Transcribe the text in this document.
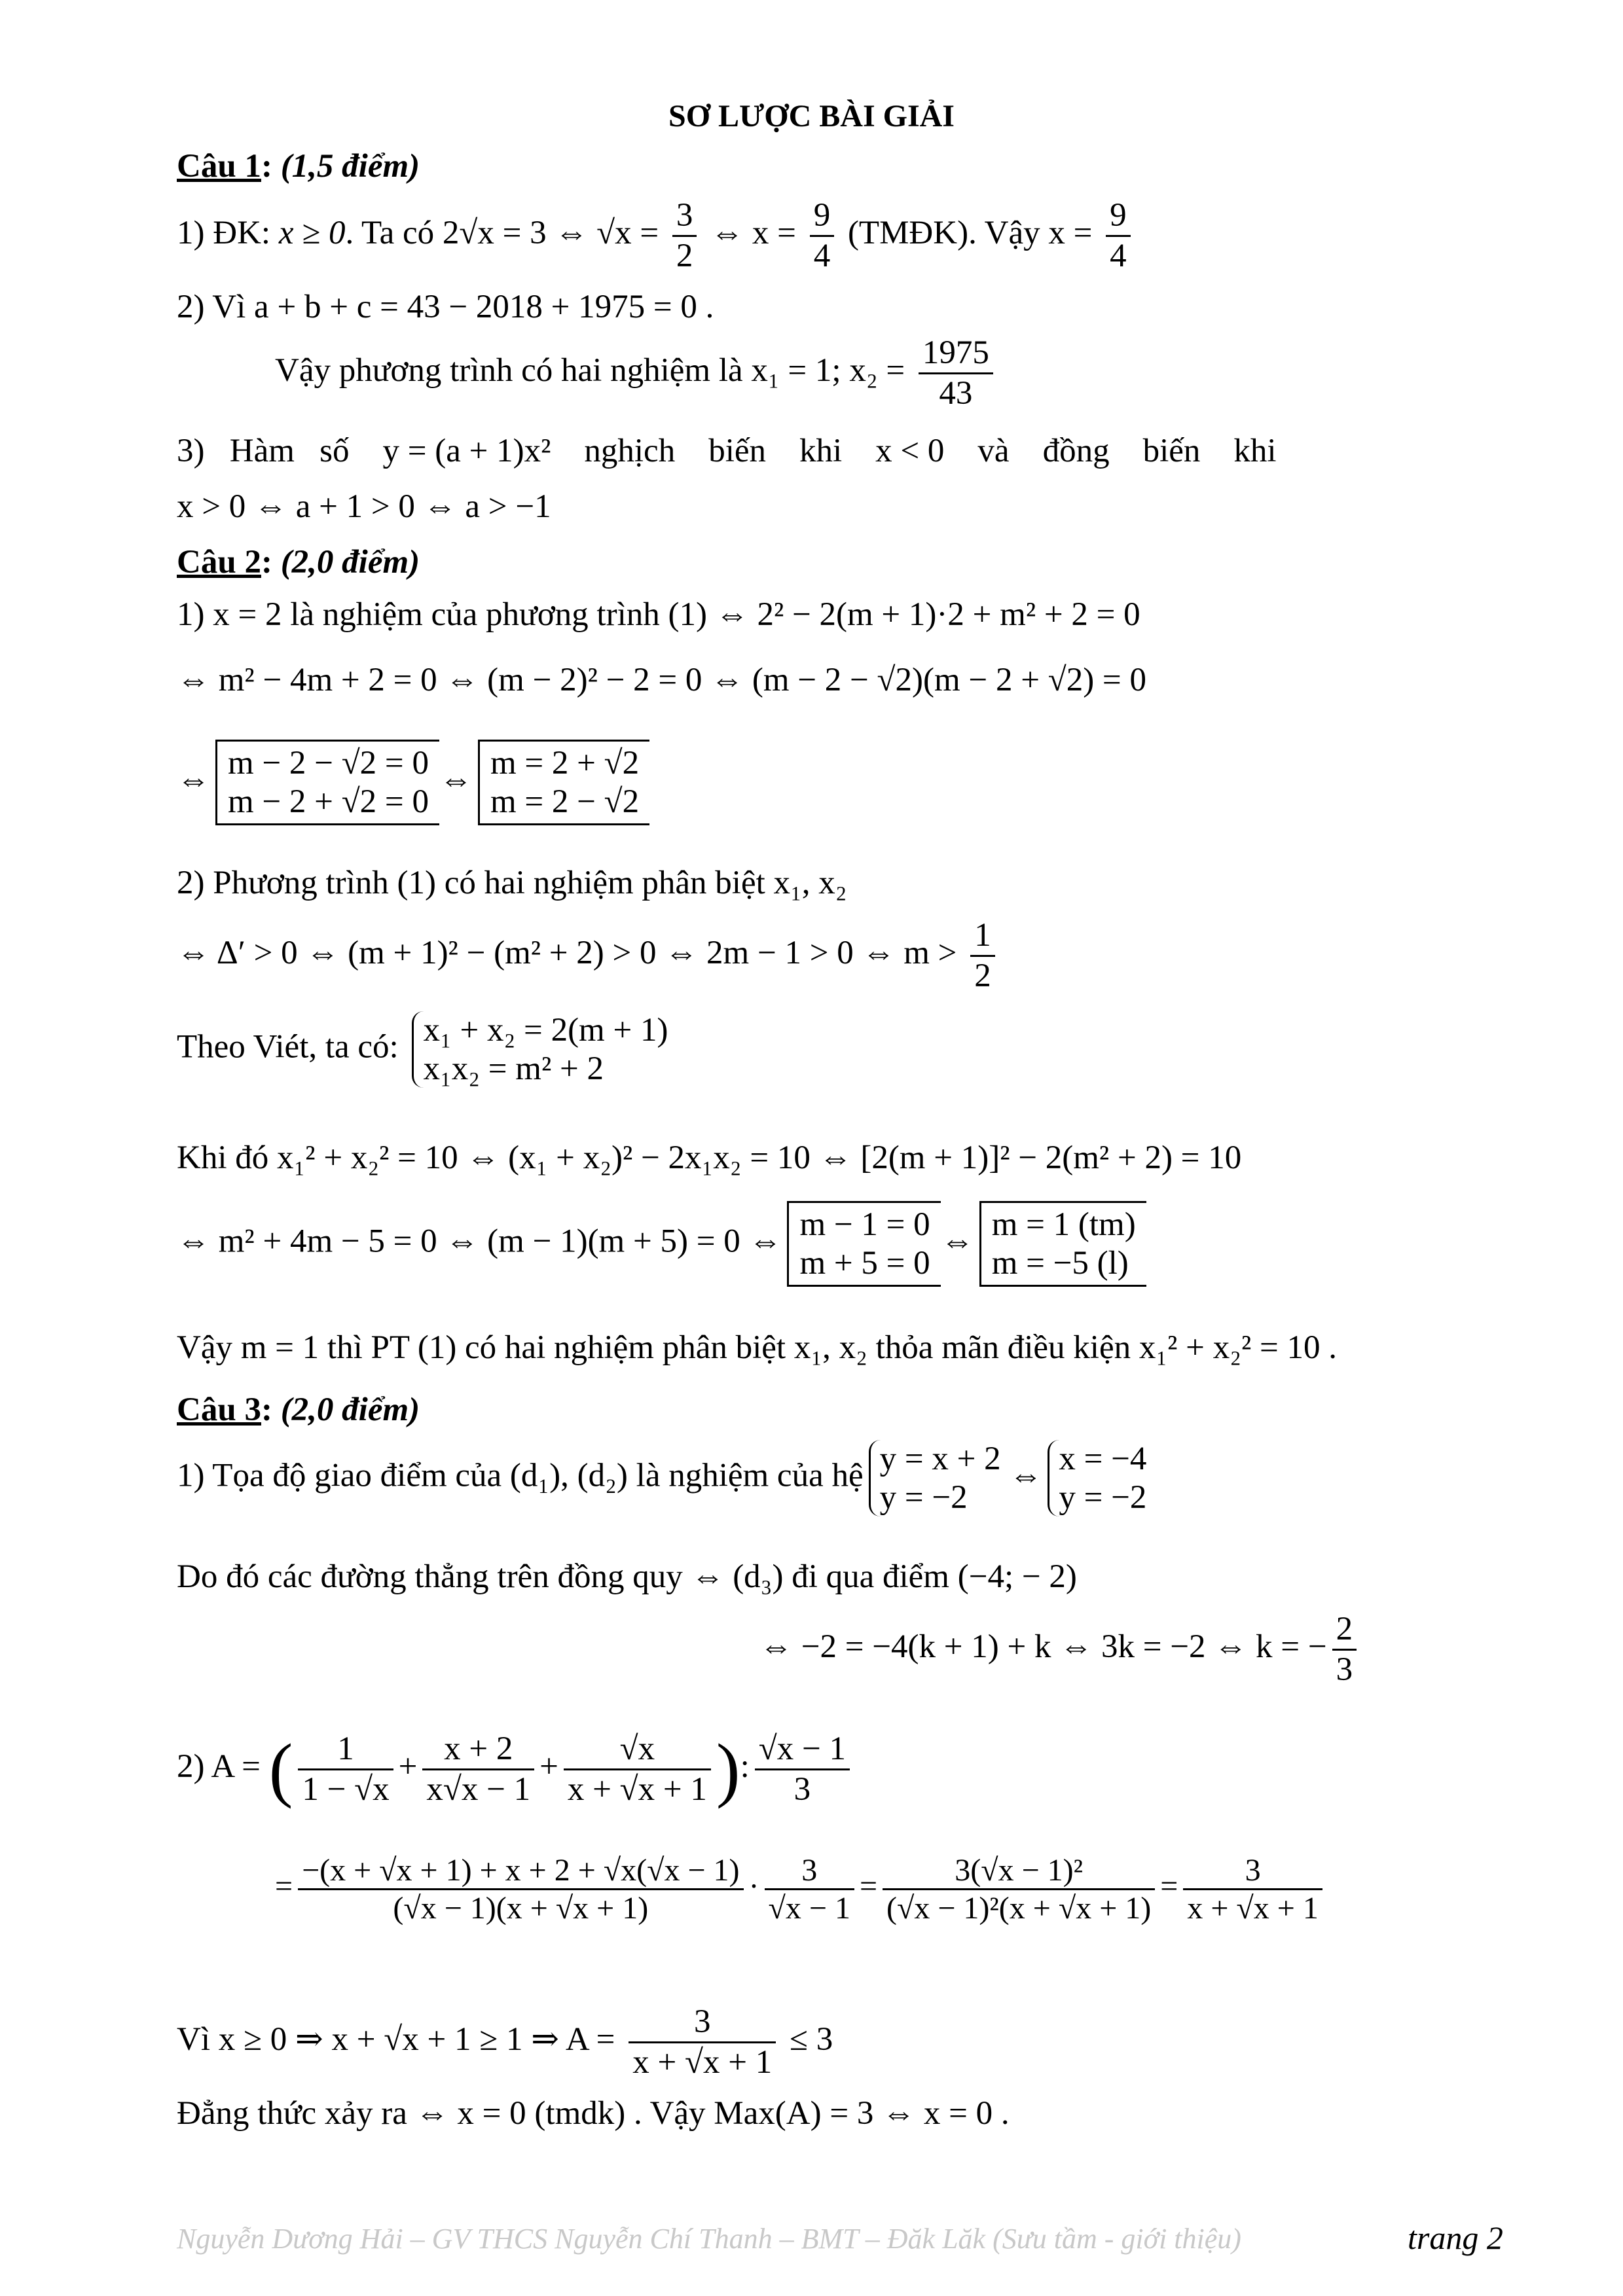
SƠ LƯỢC BÀI GIẢI
Câu 1: (1,5 điểm)
1) ĐK: x ≥ 0. Ta có 2√x = 3 ⇔ $√x = \frac{3}{2}$ ⇔ $x = \frac{9}{4}$ (TMĐK). Vậy $x = \frac{9}{4}$
2) Vì a + b + c = 43 − 2018 + 1975 = 0 .
Vậy phương trình có hai nghiệm là x₁ = 1; $x_2 = \frac{1975}{43}$
3)   Hàm   số    y = (a + 1)x²    nghịch    biến    khi    x < 0    và    đồng    biến    khi
x > 0 ⇔ a + 1 > 0 ⇔ a > −1
Câu 2: (2,0 điểm)
1) x = 2 là nghiệm của phương trình (1) ⇔ 2² − 2(m + 1)·2 + m² + 2 = 0
⇔ m² − 4m + 2 = 0 ⇔ (m − 2)² − 2 = 0 ⇔ (m − 2 − √2)(m − 2 + √2) = 0
⇔ m − 2 − √2 = 0
m − 2 + √2 = 0
⇔ m = 2 + √2
m = 2 − √2
2) Phương trình (1) có hai nghiệm phân biệt x₁, x₂
⇔ Δ′ > 0 ⇔ (m + 1)² − (m² + 2) > 0 ⇔ 2m − 1 > 0 ⇔ $m > \frac{1}{2}$
Theo Viét, ta có: x₁ + x₂ = 2(m + 1)
x₁x₂ = m² + 2
Khi đó x₁² + x₂² = 10 ⇔ (x₁ + x₂)² − 2x₁x₂ = 10 ⇔ [2(m + 1)]² − 2(m² + 2) = 10
⇔ m² + 4m − 5 = 0 ⇔ (m − 1)(m + 5) = 0 ⇔ m − 1 = 0
m + 5 = 0
⇔ m = 1 (tm)
m = −5 (l)
Vậy m = 1 thì PT (1) có hai nghiệm phân biệt x₁, x₂ thỏa mãn điều kiện x₁² + x₂² = 10 .
Câu 3: (2,0 điểm)
1) Tọa độ giao điểm của (d₁), (d₂) là nghiệm của hệ y = x + 2
y = −2
⇔ x = −4
y = −2
Do đó các đường thẳng trên đồng quy ⇔ (d₃) đi qua điểm (−4; − 2)
⇔ −2 = −4(k + 1) + k ⇔ 3k = −2 ⇔ k = − $\frac{2}{3}$
2) A = ( $\frac{1}{1 - √x} + \frac{x + 2}{x√x - 1} + \frac{√x}{x + √x + 1}$ ): $\frac{√x - 1}{3}$
= $\frac{-(x + √x + 1) + x + 2 + √x(√x - 1)}{(√x - 1)(x + √x + 1)} \cdot \frac{3}{√x - 1} = \frac{\text{3(√x − 1)²}}{\text{(√x − 1)²(x + √x + 1)}} = \frac{3}{x + √x + 1}$
Vì x ≥ 0 ⇒ x + √x + 1 ≥ 1 ⇒ $A = \frac{3}{x + √x + 1} \le 3$
Đẳng thức xảy ra ⇔ x = 0 (tmdk) . Vậy Max(A) = 3 ⇔ x = 0 .
Nguyễn Dương Hải – GV THCS Nguyễn Chí Thanh – BMT – Đăk Lăk (Sưu tầm - giới thiệu)	trang 2
